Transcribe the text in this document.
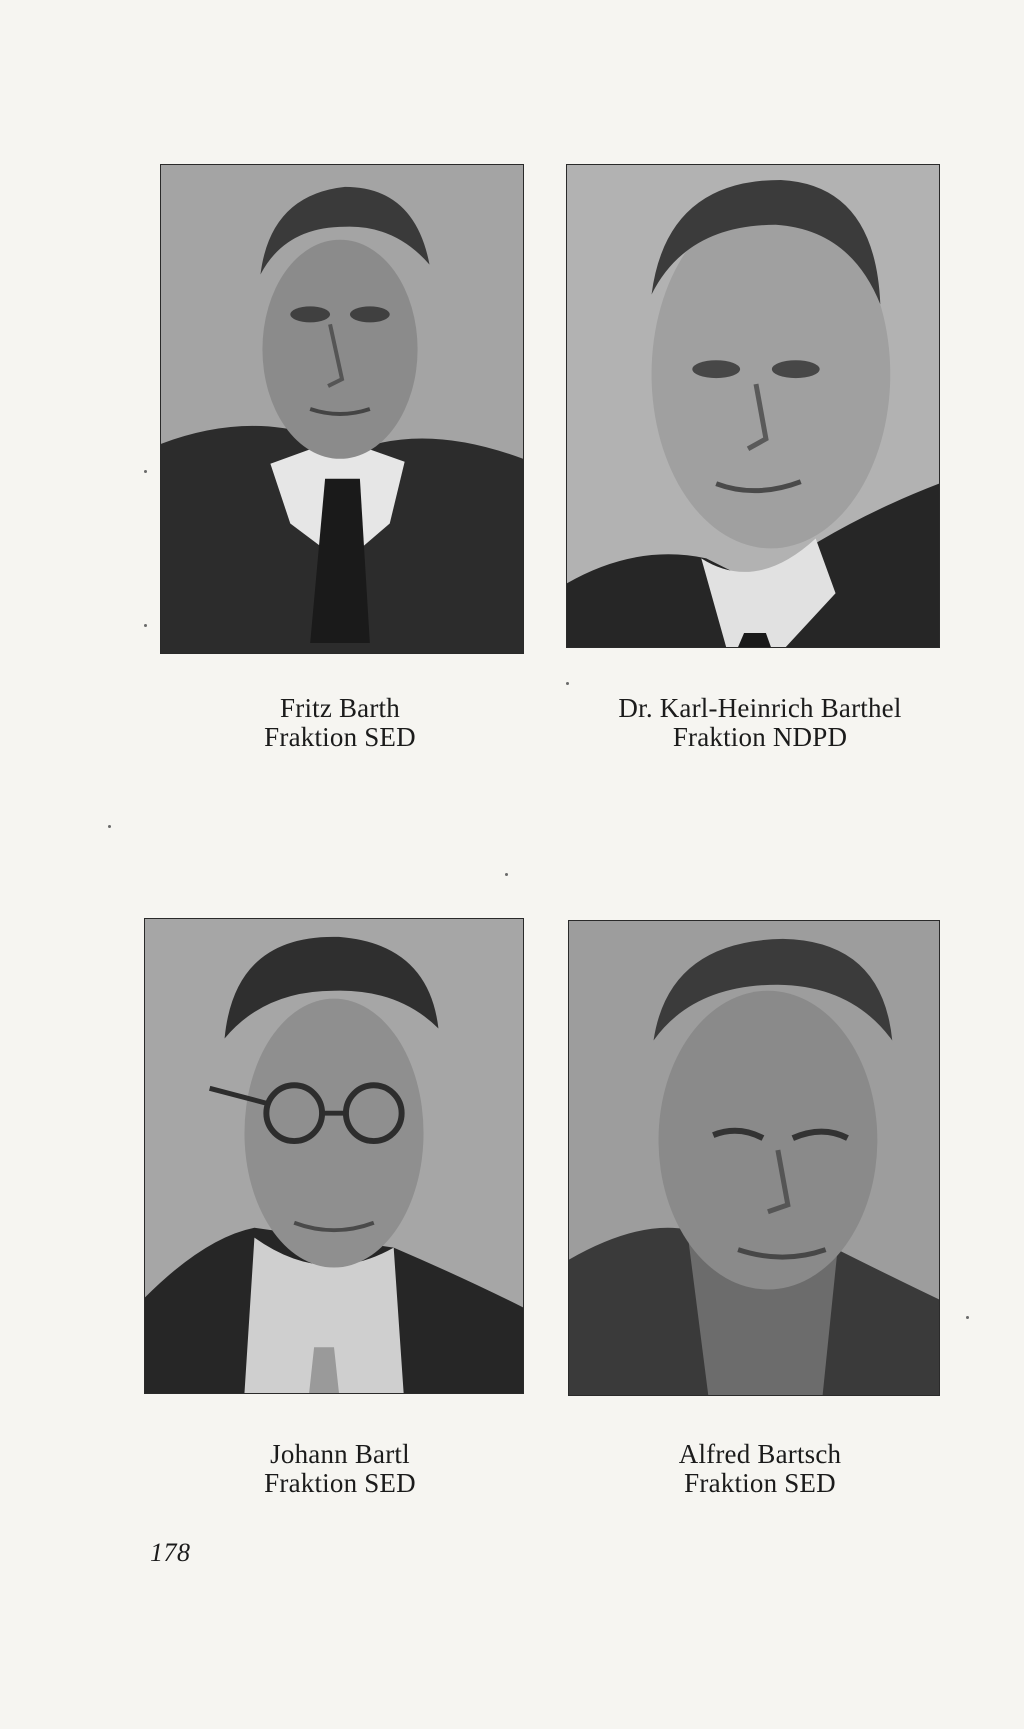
Fritz Barth
Fraktion SED
Dr. Karl-Heinrich Barthel
Fraktion NDPD
Johann Bartl
Fraktion SED
Alfred Bartsch
Fraktion SED
178
